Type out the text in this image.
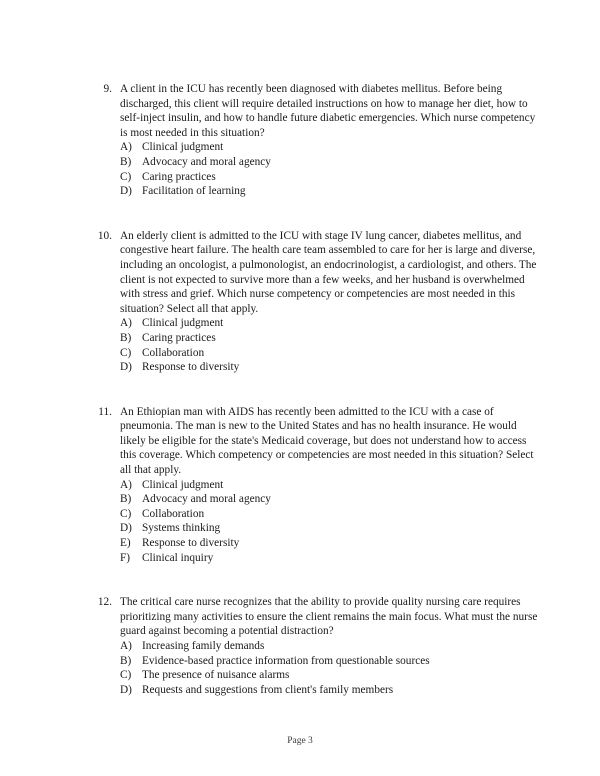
9. A client in the ICU has recently been diagnosed with diabetes mellitus. Before being discharged, this client will require detailed instructions on how to manage her diet, how to self-inject insulin, and how to handle future diabetic emergencies. Which nurse competency is most needed in this situation?

A) Clinical judgment
B) Advocacy and moral agency
C) Caring practices
D) Facilitation of learning
10. An elderly client is admitted to the ICU with stage IV lung cancer, diabetes mellitus, and congestive heart failure. The health care team assembled to care for her is large and diverse, including an oncologist, a pulmonologist, an endocrinologist, a cardiologist, and others. The client is not expected to survive more than a few weeks, and her husband is overwhelmed with stress and grief. Which nurse competency or competencies are most needed in this situation? Select all that apply.

A) Clinical judgment
B) Caring practices
C) Collaboration
D) Response to diversity
11. An Ethiopian man with AIDS has recently been admitted to the ICU with a case of pneumonia. The man is new to the United States and has no health insurance. He would likely be eligible for the state's Medicaid coverage, but does not understand how to access this coverage. Which competency or competencies are most needed in this situation? Select all that apply.

A) Clinical judgment
B) Advocacy and moral agency
C) Collaboration
D) Systems thinking
E)	Response to diversity
F)	Clinical inquiry
12. The critical care nurse recognizes that the ability to provide quality nursing care requires prioritizing many activities to ensure the client remains the main focus. What must the nurse guard against becoming a potential distraction?

A) Increasing family demands
B) Evidence-based practice information from questionable sources
C) The presence of nuisance alarms
D) Requests and suggestions from client's family members
Page 3
